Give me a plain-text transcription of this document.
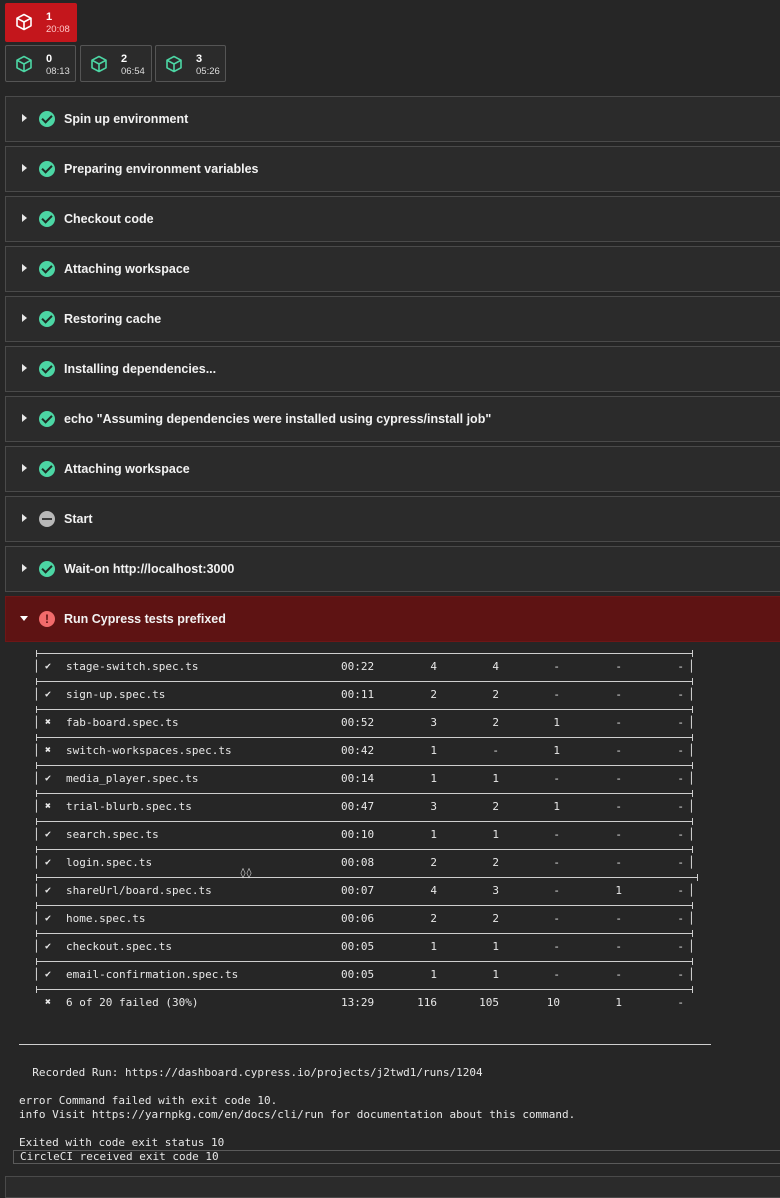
1
20:08
0
08:13
2
06:54
3
05:26
Spin up environment
Preparing environment variables
Checkout code
Attaching workspace
Restoring cache
Installing dependencies...
echo "Assuming dependencies were installed using cypress/install job"
Attaching workspace
Start
Wait-on http://localhost:3000
!
Run Cypress tests prefixed
│ ✔ stage-switch.spec.ts	00:22	4	4	-	-	- │
│ ✔ sign-up.spec.ts	00:11	2	2	-	-	- │
│ ✖ fab-board.spec.ts	00:52	3	2	1	-	- │
│ ✖ switch-workspaces.spec.ts	00:42	1	-	1	-	- │
│ ✔ media_player.spec.ts	00:14	1	1	-	-	- │
│ ✖ trial-blurb.spec.ts	00:47	3	2	1	-	- │
│ ✔ search.spec.ts	00:10	1	1	-	-	- │
│ ✔ login.spec.ts	00:08	2	2	-	-	- │
│ ✔ shareUrl/board.spec.ts	00:07	4	3	-	1	- │
│ ✔ home.spec.ts	00:06	2	2	-	-	- │
│ ✔ checkout.spec.ts	00:05	1	1	-	-	- │
│ ✔ email-confirmation.spec.ts	00:05	1	1	-	-	- │
✖ 6 of 20 failed (30%)	13:29	116	105	10	1	-
◊◊
Recorded Run: https://dashboard.cypress.io/projects/j2twd1/runs/1204
error Command failed with exit code 10.
info Visit https://yarnpkg.com/en/docs/cli/run for documentation about this command.
Exited with code exit status 10
CircleCI received exit code 10
